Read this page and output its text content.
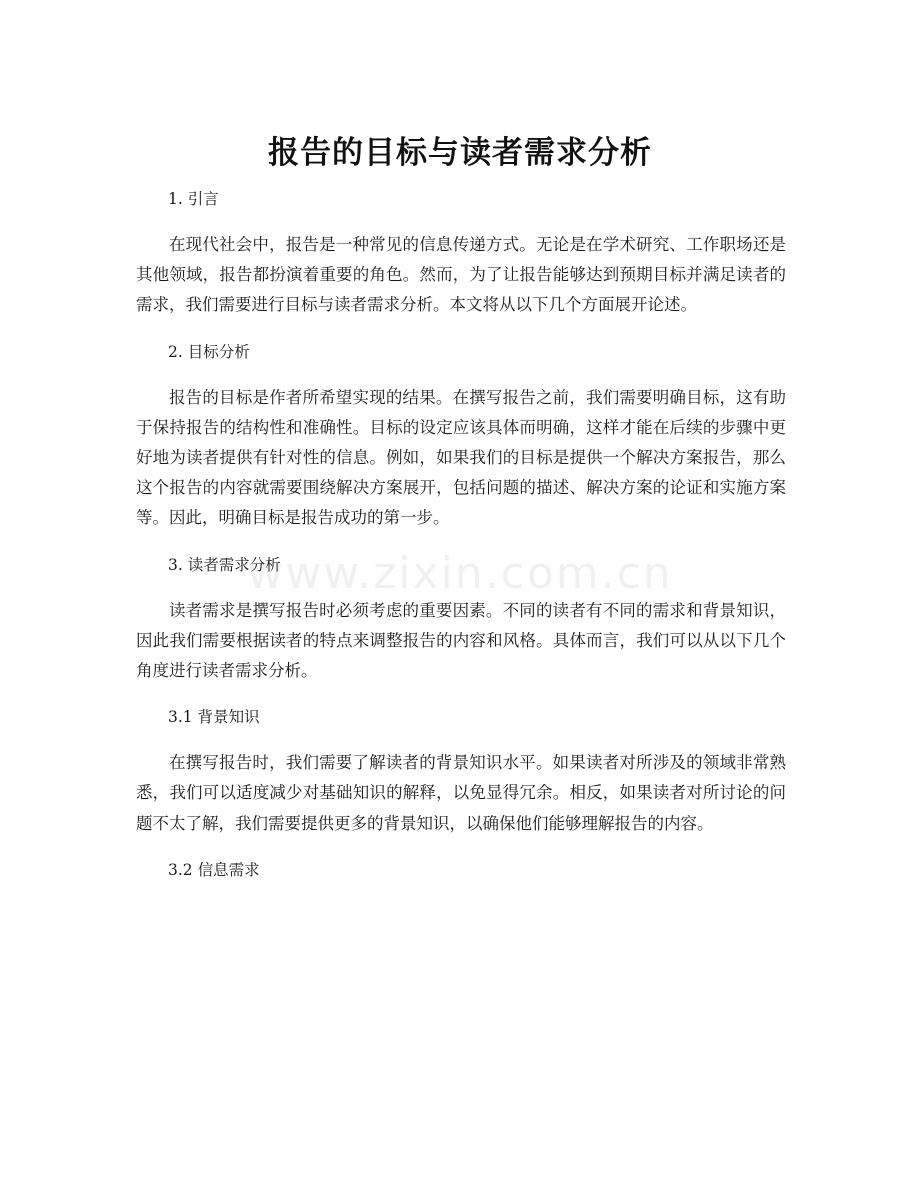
www.zixin.com.cn
报告的目标与读者需求分析

1. 引言

在现代社会中，报告是一种常见的信息传递方式。无论是在学术研究、工作职场还是其他领域，报告都扮演着重要的角色。然而，为了让报告能够达到预期目标并满足读者的需求，我们需要进行目标与读者需求分析。本文将从以下几个方面展开论述。

2. 目标分析

报告的目标是作者所希望实现的结果。在撰写报告之前，我们需要明确目标，这有助于保持报告的结构性和准确性。目标的设定应该具体而明确，这样才能在后续的步骤中更好地为读者提供有针对性的信息。例如，如果我们的目标是提供一个解决方案报告，那么这个报告的内容就需要围绕解决方案展开，包括问题的描述、解决方案的论证和实施方案等。因此，明确目标是报告成功的第一步。

3. 读者需求分析

读者需求是撰写报告时必须考虑的重要因素。不同的读者有不同的需求和背景知识，因此我们需要根据读者的特点来调整报告的内容和风格。具体而言，我们可以从以下几个角度进行读者需求分析。

3.1 背景知识

在撰写报告时，我们需要了解读者的背景知识水平。如果读者对所涉及的领域非常熟悉，我们可以适度减少对基础知识的解释，以免显得冗余。相反，如果读者对所讨论的问题不太了解，我们需要提供更多的背景知识，以确保他们能够理解报告的内容。

3.2 信息需求
